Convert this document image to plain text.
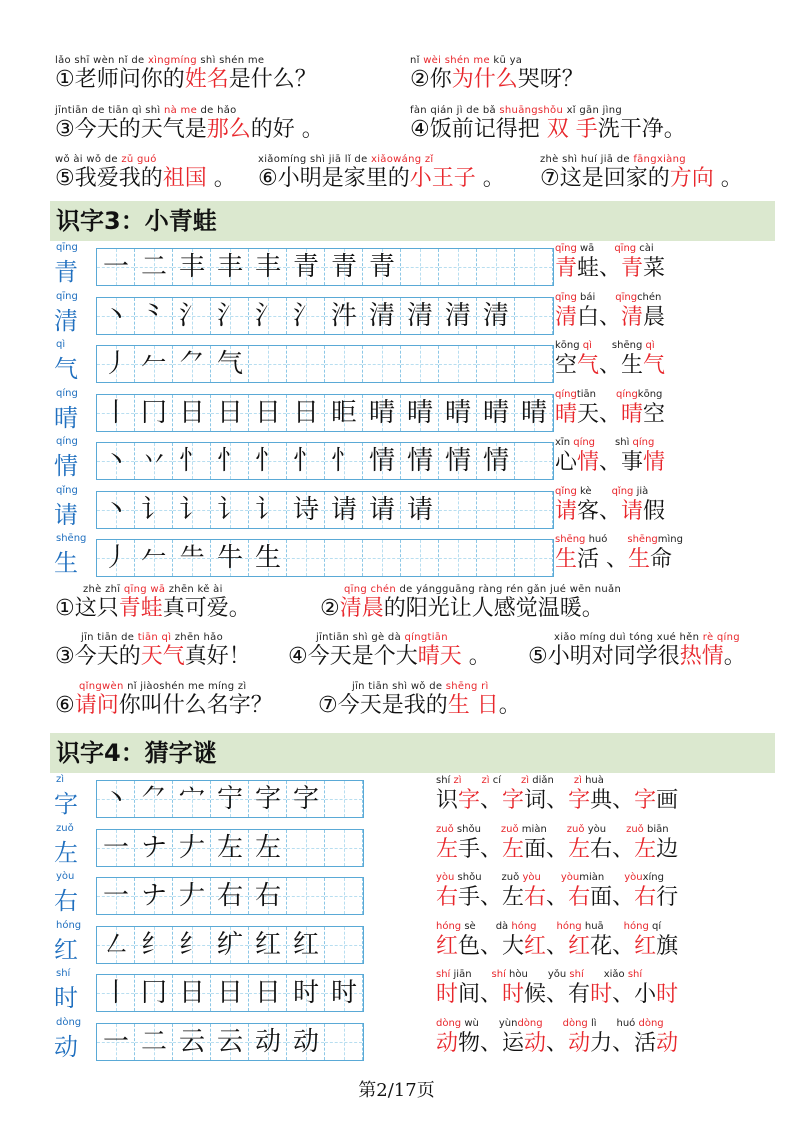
lǎo shī wèn nǐ de xìngmíng shì shén me
①老师问你的姓名是什么？
nǐ wèi shén me kū ya
②你为什么哭呀？
jīntiān de tiān qì shì nà me de hǎo
③今天的天气是那么的好 。
fàn qián jì de bǎ shuāngshǒu xǐ gān jìng
④饭前记得把 双 手洗干净。
wǒ ài wǒ de zǔ guó
⑤我爱我的祖国 。
xiǎomíng shì jiā lǐ de xiǎowáng zǐ
⑥小明是家里的小王子 。
zhè shì huí jiā de fāngxiàng
⑦这是回家的方向 。
识字3：小青蛙
qīng
青 一 二 丰 丰 丰 青 青 青
qīng wā　　qīng cài
青蛙、青菜
qīng
清 丶 ⺀ 氵 氵 氵 氵 汼 清 清 清 清
qīng bái　　qīngchén
清白、清晨
qì
气 丿 𠂉 ⺈ 气
kōng qì　　shēng qì
空气、生气
qíng
晴 丨 冂 日 日 日 日 昛 晴 晴 晴 晴 晴
qíngtiān　　qíngkōng
晴天、晴空
qíng
情 丶 丷 忄 忄 忄 忄 忄 情 情 情 情
xīn qíng　　shì qíng
心情、事情
qǐng
请 丶 讠 讠 讠 讠 诗 请 请 请
qǐng kè　　qǐng jià
请客、请假
shēng
生 丿 𠂉 ⺧ 牛 生
shēng huó　　shēngmìng
生活 、生命
zhè zhī qīng wā zhēn kě ài
①这只青蛙真可爱。
qīng chén de yángguāng ràng rén gǎn jué wēn nuǎn
②清晨的阳光让人感觉温暖。
jīn tiān de tiān qì zhēn hǎo
③今天的天气真好！
jīntiān shì gè dà qíngtiān
④今天是个大晴天 。
xiǎo míng duì tóng xué hěn rè qíng
⑤小明对同学很热情。
qǐngwèn nǐ jiàoshén me míng zì
⑥请问你叫什么名字？
jīn tiān shì wǒ de shēng rì
⑦今天是我的生 日。
识字4：猜字谜
zì
字 丶 ⺈ 宀 宁 字 字
shí zì　　 zì cí　　zì diǎn　　zì huà
识字、字词、字典、字画
zuǒ
左 一 ナ 𠂇 左 左
zuǒ shǒu　　zuǒ miàn　　zuǒ yòu　　zuǒ biān
左手、左面、左右、左边
yòu
右 一 ナ 𠂇 右 右
yòu shǒu　　zuǒ yòu　　 yòumiàn　　yòuxíng
右手、左右、右面、右行
hóng
红 ㇜ 纟 纟 纩 红 红
hóng sè　　dà hóng　　 hóng huā　　hóng qí
红色、大红、红花、红旗
shí
时 丨 冂 日 日 日 时 时
shí jiān　　shí hòu　　yǒu shí　　xiǎo shí
时间、时候、有时、小时
dòng
动 一 二 云 云 动 动
dòng wù　　yùndòng　　 dòng lì　　huó dòng
动物、运动、动力、活动
第2/17页
